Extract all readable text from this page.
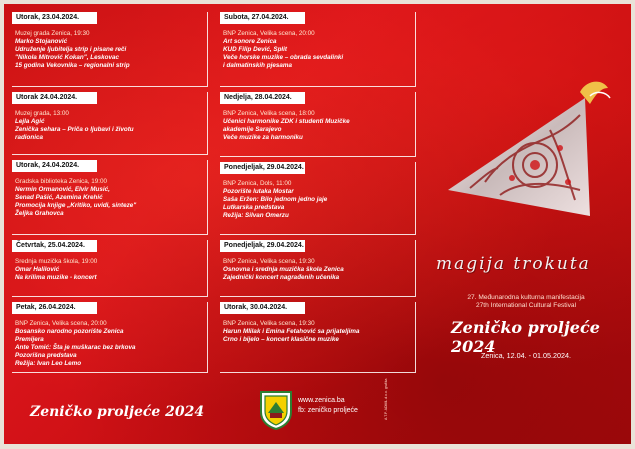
Utorak, 23.04.2024.
Muzej grada Zenica, 19:30
Marko Stojanović
Udruženje ljubitelja strip i pisane reči
"Nikola Mitrović Kokan", Leskovac
15 godina Vekovnika – regionalni strip
Utorak 24.04.2024.
Muzej grada, 13:00
Lejla Agić
Zenička sehara – Priča o ljubavi i životu
radionica
Utorak, 24.04.2024.
Gradska biblioteka Zenica, 19:00
Nermin Ormanović, Elvir Musić,
Senad Pašić, Azemina Krehić
Promocija knjige „Kritiko, uvidi, sinteze"
Željka Grahovca
Četvrtak, 25.04.2024.
Srednja muzička škola, 19:00
Omar Halilović
Na krilima muzike - koncert
Petak, 26.04.2024.
BNP Zenica, Velika scena, 20:00
Bosansko narodno pozorište Zenica
Premijera
Ante Tomić: Šta je muškarac bez brkova
Pozorišna predstava
Režija: Ivan Leo Lemo
Subota, 27.04.2024.
BNP Zenica, Velika scena, 20:00
Art sonore Zenica
KUD Filip Dević, Split
Veče horske muzike – obrada sevdalinki
i dalmatinskih pjesama
Nedjelja, 28.04.2024.
BNP Zenica, Velika scena, 18:00
Učenici harmonike ZDK i studenti Muzičke
akademije Sarajevo
Veče muzike za harmoniku
Ponedjeljak, 29.04.2024.
BNP Zenica, Dols, 11:00
Pozorište lutaka Mostar
Saša Eržen: Bilo jednom jedno jaje
Lutkarska predstava
Režija: Silvan Omerzu
Ponedjeljak, 29.04.2024.
BNP Zenica, Velika scena, 19:30
Osnovna i srednja muzička škola Zenica
Zajednički koncert nagrađenih učenika
Utorak, 30.04.2024.
BNP Zenica, Velika scena, 19:30
Harun Mlilak i Emina Fetahović sa prijateljima
Crno i bijelo – koncert klasične muzike
Zeničko proljeće 2024
www.zenica.ba
fb: zeničko proljeće	A.T.P. ADMIL d.o.o. grafika
magija trokuta
27. Međunarodna kulturna manifestacija
27th International Cultural Festival
Zeničko proljeće 2024
Zenica, 12.04. - 01.05.2024.
